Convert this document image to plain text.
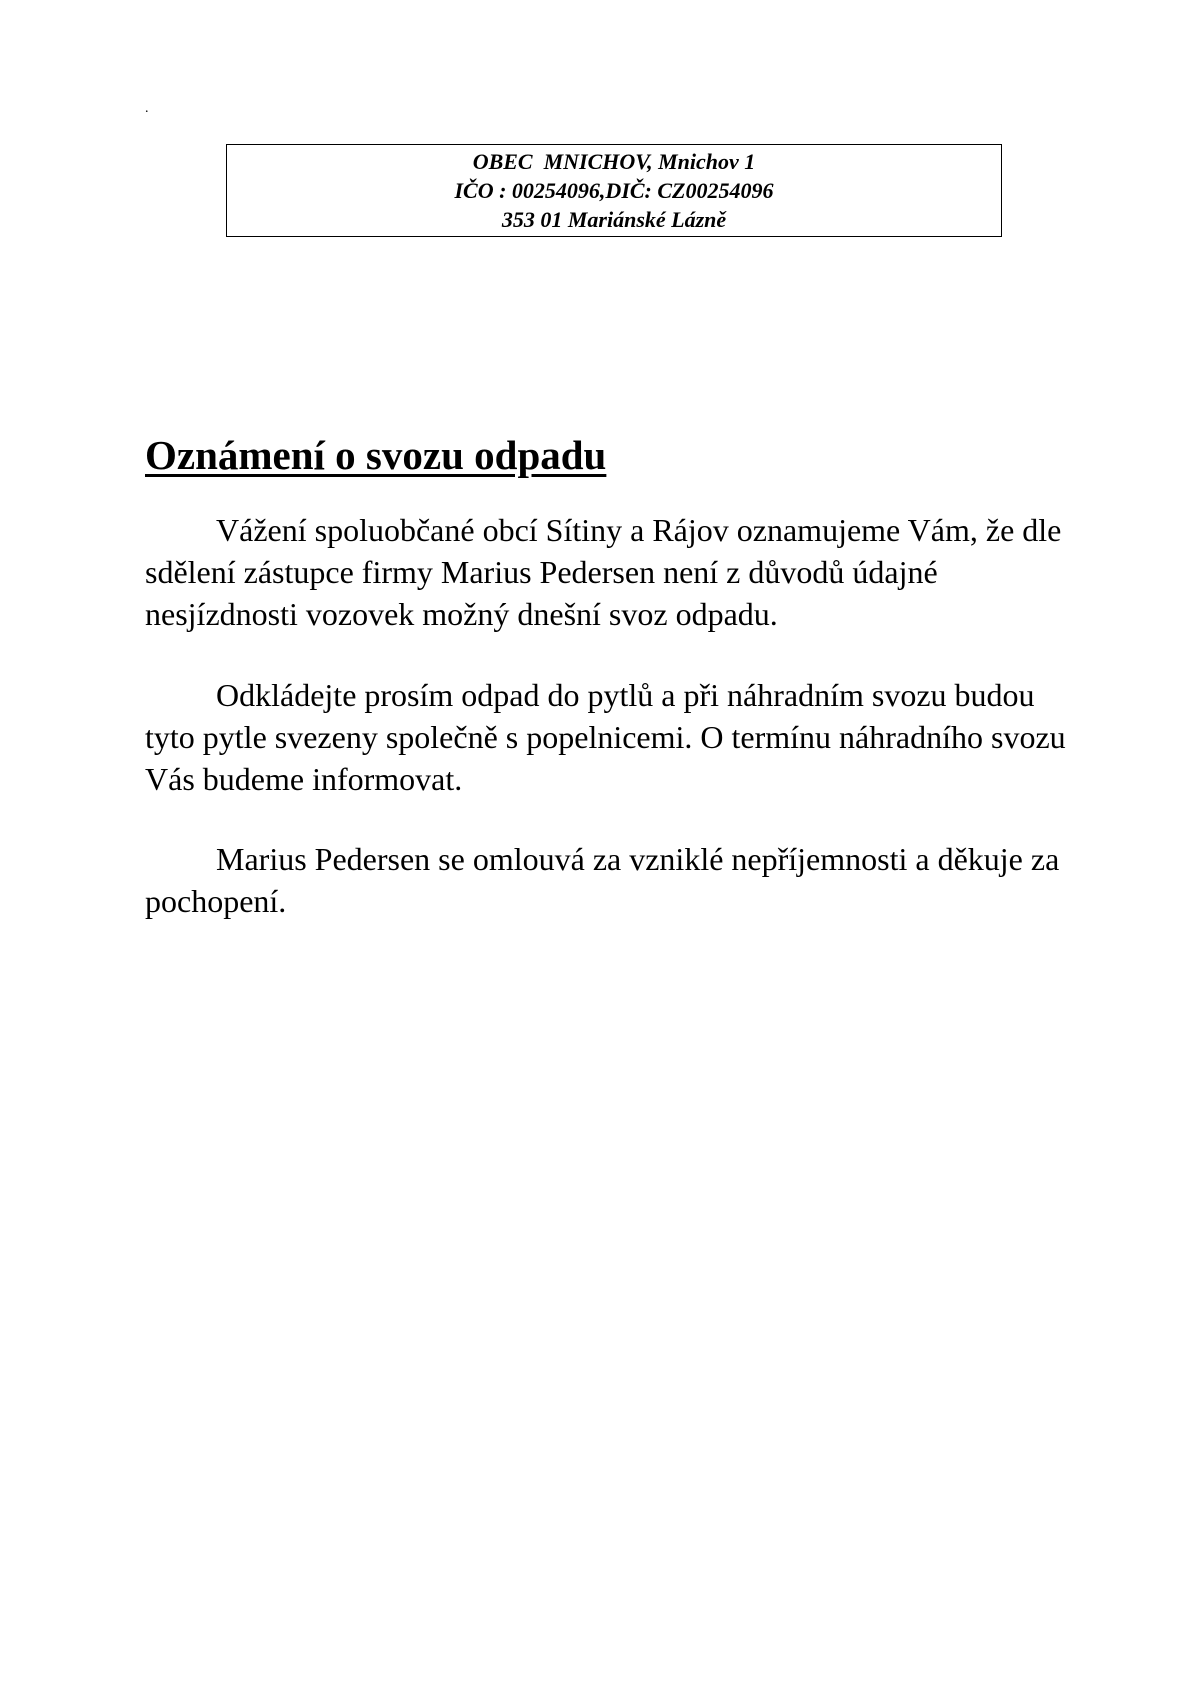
.
OBEC  MNICHOV, Mnichov 1
IČO : 00254096,DIČ: CZ00254096
353 01 Mariánské Lázně
Oznámení o svozu odpadu

Vážení spoluobčané obcí Sítiny a Rájov oznamujeme Vám, že dle sdělení zástupce firmy Marius Pedersen není z důvodů údajné nesjízdnosti vozovek možný dnešní svoz odpadu.

Odkládejte prosím odpad do pytlů a při náhradním svozu budou tyto pytle svezeny společně s popelnicemi. O termínu náhradního svozu Vás budeme informovat.

Marius Pedersen se omlouvá za vzniklé nepříjemnosti a děkuje za pochopení.
